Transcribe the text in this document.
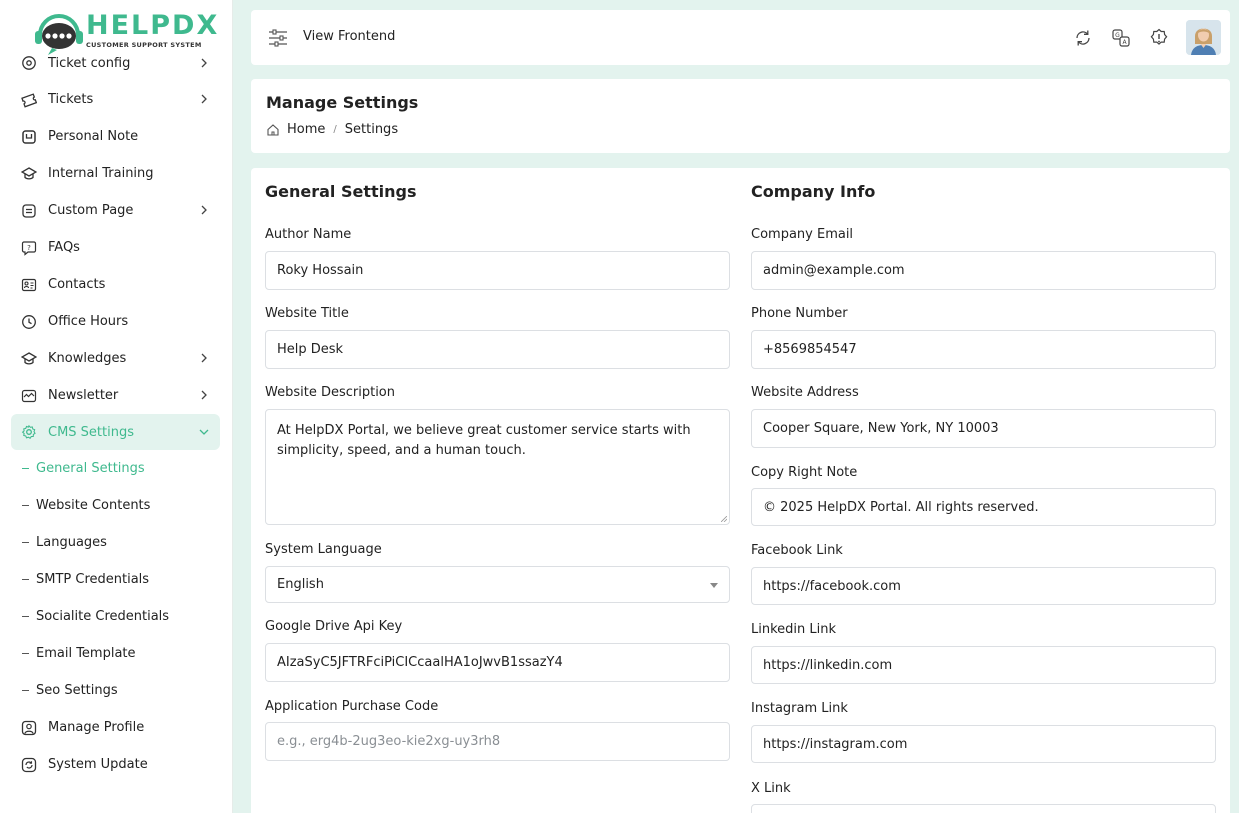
Ticket config
Tickets
Personal Note
Internal Training
Custom Page
? FAQs
Contacts
Office Hours
Knowledges
Newsletter
CMS Settings
General Settings
Website Contents
Languages
SMTP Credentials
Socialite Credentials
Email Template
Seo Settings
Manage Profile
System Update
HELPDX
CUSTOMER SUPPORT SYSTEM
View Frontend	G
A
Manage Settings
Home / Settings
General Settings
Author Name
Roky Hossain
Website Title
Help Desk
Website Description
At HelpDX Portal, we believe great customer service starts with simplicity, speed, and a human touch.
System Language
English
Google Drive Api Key
AIzaSyC5JFTRFciPiCICcaalHA1oJwvB1ssazY4
Application Purchase Code
e.g., erg4b-2ug3eo-kie2xg-uy3rh8
Company Info
Company Email
admin@example.com
Phone Number
+8569854547
Website Address
Cooper Square, New York, NY 10003
Copy Right Note
© 2025 HelpDX Portal. All rights reserved.
Facebook Link
https://facebook.com
Linkedin Link
https://linkedin.com
Instagram Link
https://instagram.com
X Link
